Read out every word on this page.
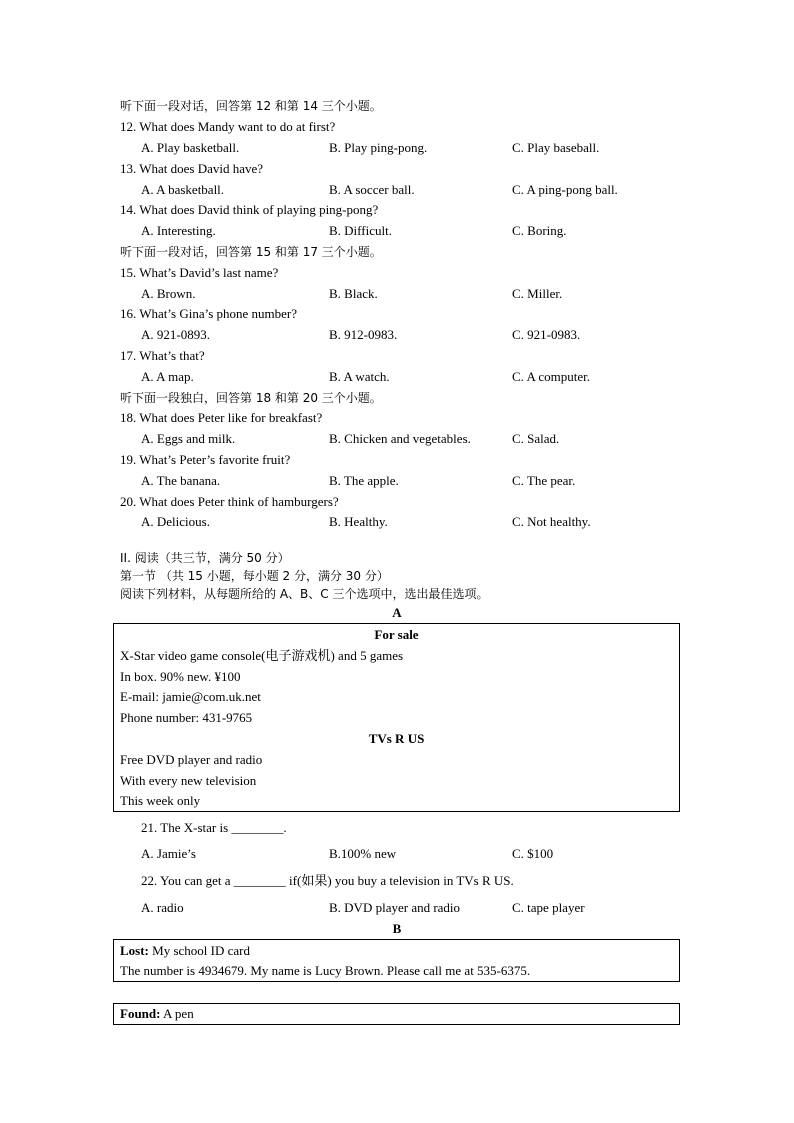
听下面一段对话，回答第 12 和第 14 三个小题。
12. What does Mandy want to do at first?
A. Play basketball.	B. Play ping-pong.	C. Play baseball.
13. What does David have?
A. A basketball.	B. A soccer ball.	C. A ping-pong ball.
14. What does David think of playing ping-pong?
A. Interesting.	B. Difficult.	C. Boring.
听下面一段对话，回答第 15 和第 17 三个小题。
15. What’s David’s last name?
A. Brown.	B. Black.	C. Miller.
16. What’s Gina’s phone number?
A. 921-0893.	B. 912-0983.	C. 921-0983.
17. What’s that?
A. A map.	B. A watch.	C. A computer.
听下面一段独白，回答第 18 和第 20 三个小题。
18. What does Peter like for breakfast?
A. Eggs and milk.	B. Chicken and vegetables.	C. Salad.
19. What’s Peter’s favorite fruit?
A. The banana.	B. The apple.	C. The pear.
20. What does Peter think of hamburgers?
A. Delicious.	B. Healthy.	C. Not healthy.
II. 阅读（共三节，满分 50 分）
第一节 （共 15 小题，每小题 2 分，满分 30 分）
阅读下列材料，从每题所给的 A、B、C 三个选项中，选出最佳选项。
A
For sale
X-Star video game console(电子游戏机) and 5 games
In box. 90% new. ¥100
E-mail: jamie@com.uk.net
Phone number: 431-9765
TVs R US
Free DVD player and radio
With every new television
This week only
21. The X-star is ________.
A. Jamie’s	B.100% new	C. $100
22. You can get a ________ if(如果) you buy a television in TVs R US.
A. radio	B. DVD player and radio	C. tape player
B
Lost: My school ID card
The number is 4934679. My name is Lucy Brown. Please call me at 535-6375.
Found: A pen
